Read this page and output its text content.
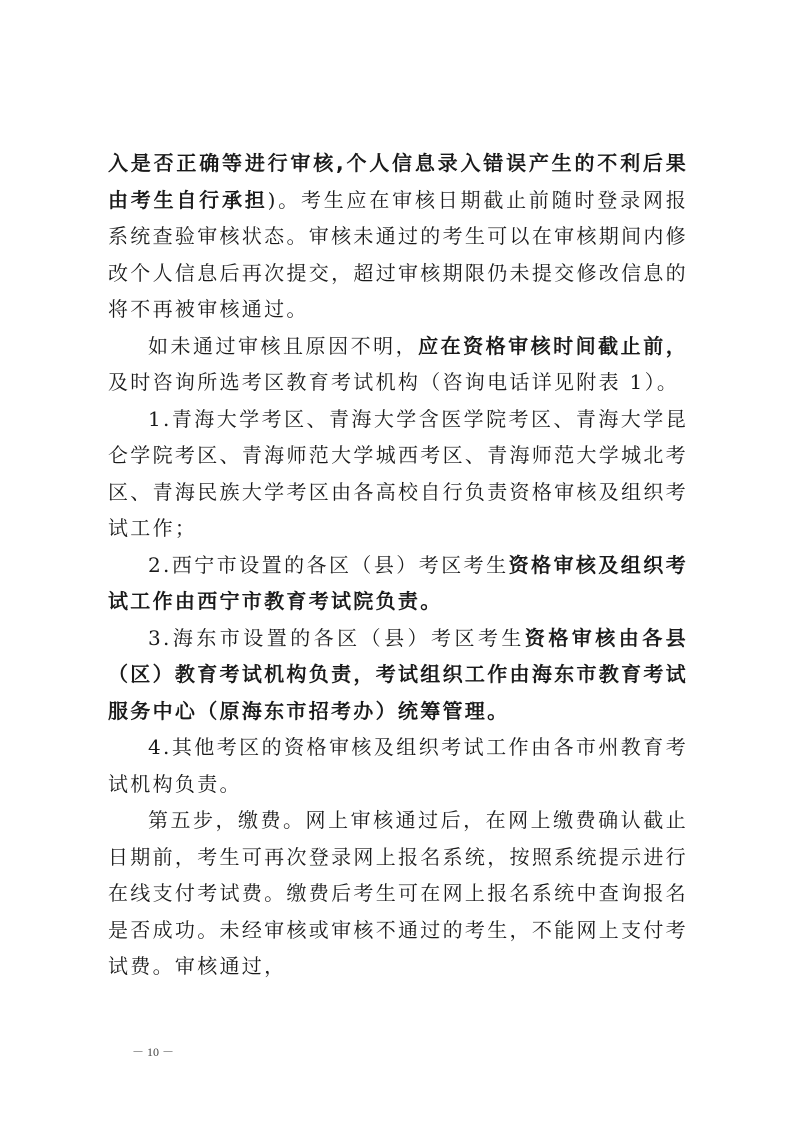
入是否正确等进行审核,个人信息录入错误产生的不利后果由考生自行承担)。考生应在审核日期截止前随时登录网报系统查验审核状态。审核未通过的考生可以在审核期间内修改个人信息后再次提交，超过审核期限仍未提交修改信息的将不再被审核通过。

如未通过审核且原因不明，应在资格审核时间截止前，及时咨询所选考区教育考试机构（咨询电话详见附表 1）。

1.青海大学考区、青海大学含医学院考区、青海大学昆仑学院考区、青海师范大学城西考区、青海师范大学城北考区、青海民族大学考区由各高校自行负责资格审核及组织考试工作；

2.西宁市设置的各区（县）考区考生资格审核及组织考试工作由西宁市教育考试院负责。

3.海东市设置的各区（县）考区考生资格审核由各县（区）教育考试机构负责，考试组织工作由海东市教育考试服务中心（原海东市招考办）统筹管理。

4.其他考区的资格审核及组织考试工作由各市州教育考试机构负责。

第五步，缴费。网上审核通过后，在网上缴费确认截止日期前，考生可再次登录网上报名系统，按照系统提示进行在线支付考试费。缴费后考生可在网上报名系统中查询报名是否成功。未经审核或审核不通过的考生，不能网上支付考试费。审核通过，

－ 10 －
